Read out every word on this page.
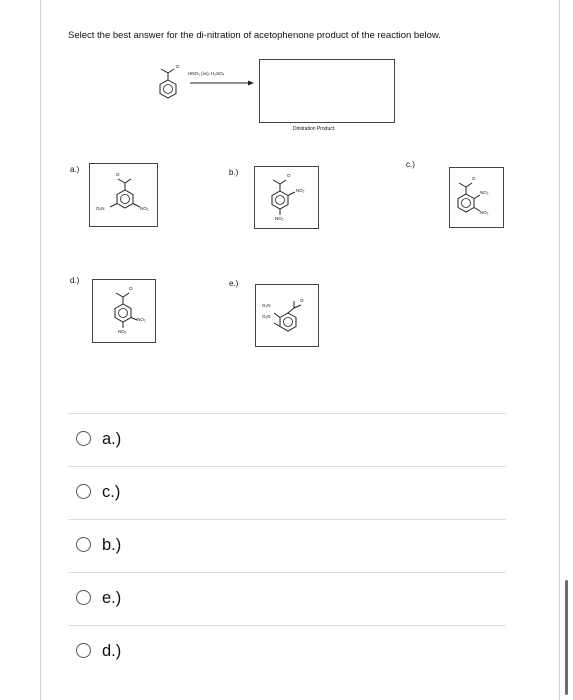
Select the best answer for the di-nitration of acetophenone product of the reaction below.
O
HNO₃ (xs), H₂SO₄
Dinitration Product
a.)
O
O₂N	NO₂
b.)	O
NO₂
NO₂
c.)
O
NO₂
NO₂
d.)
O
NO₂
NO₂
e.)
O
O₂N
O₂N
a.)
c.)
b.)
e.)
d.)
